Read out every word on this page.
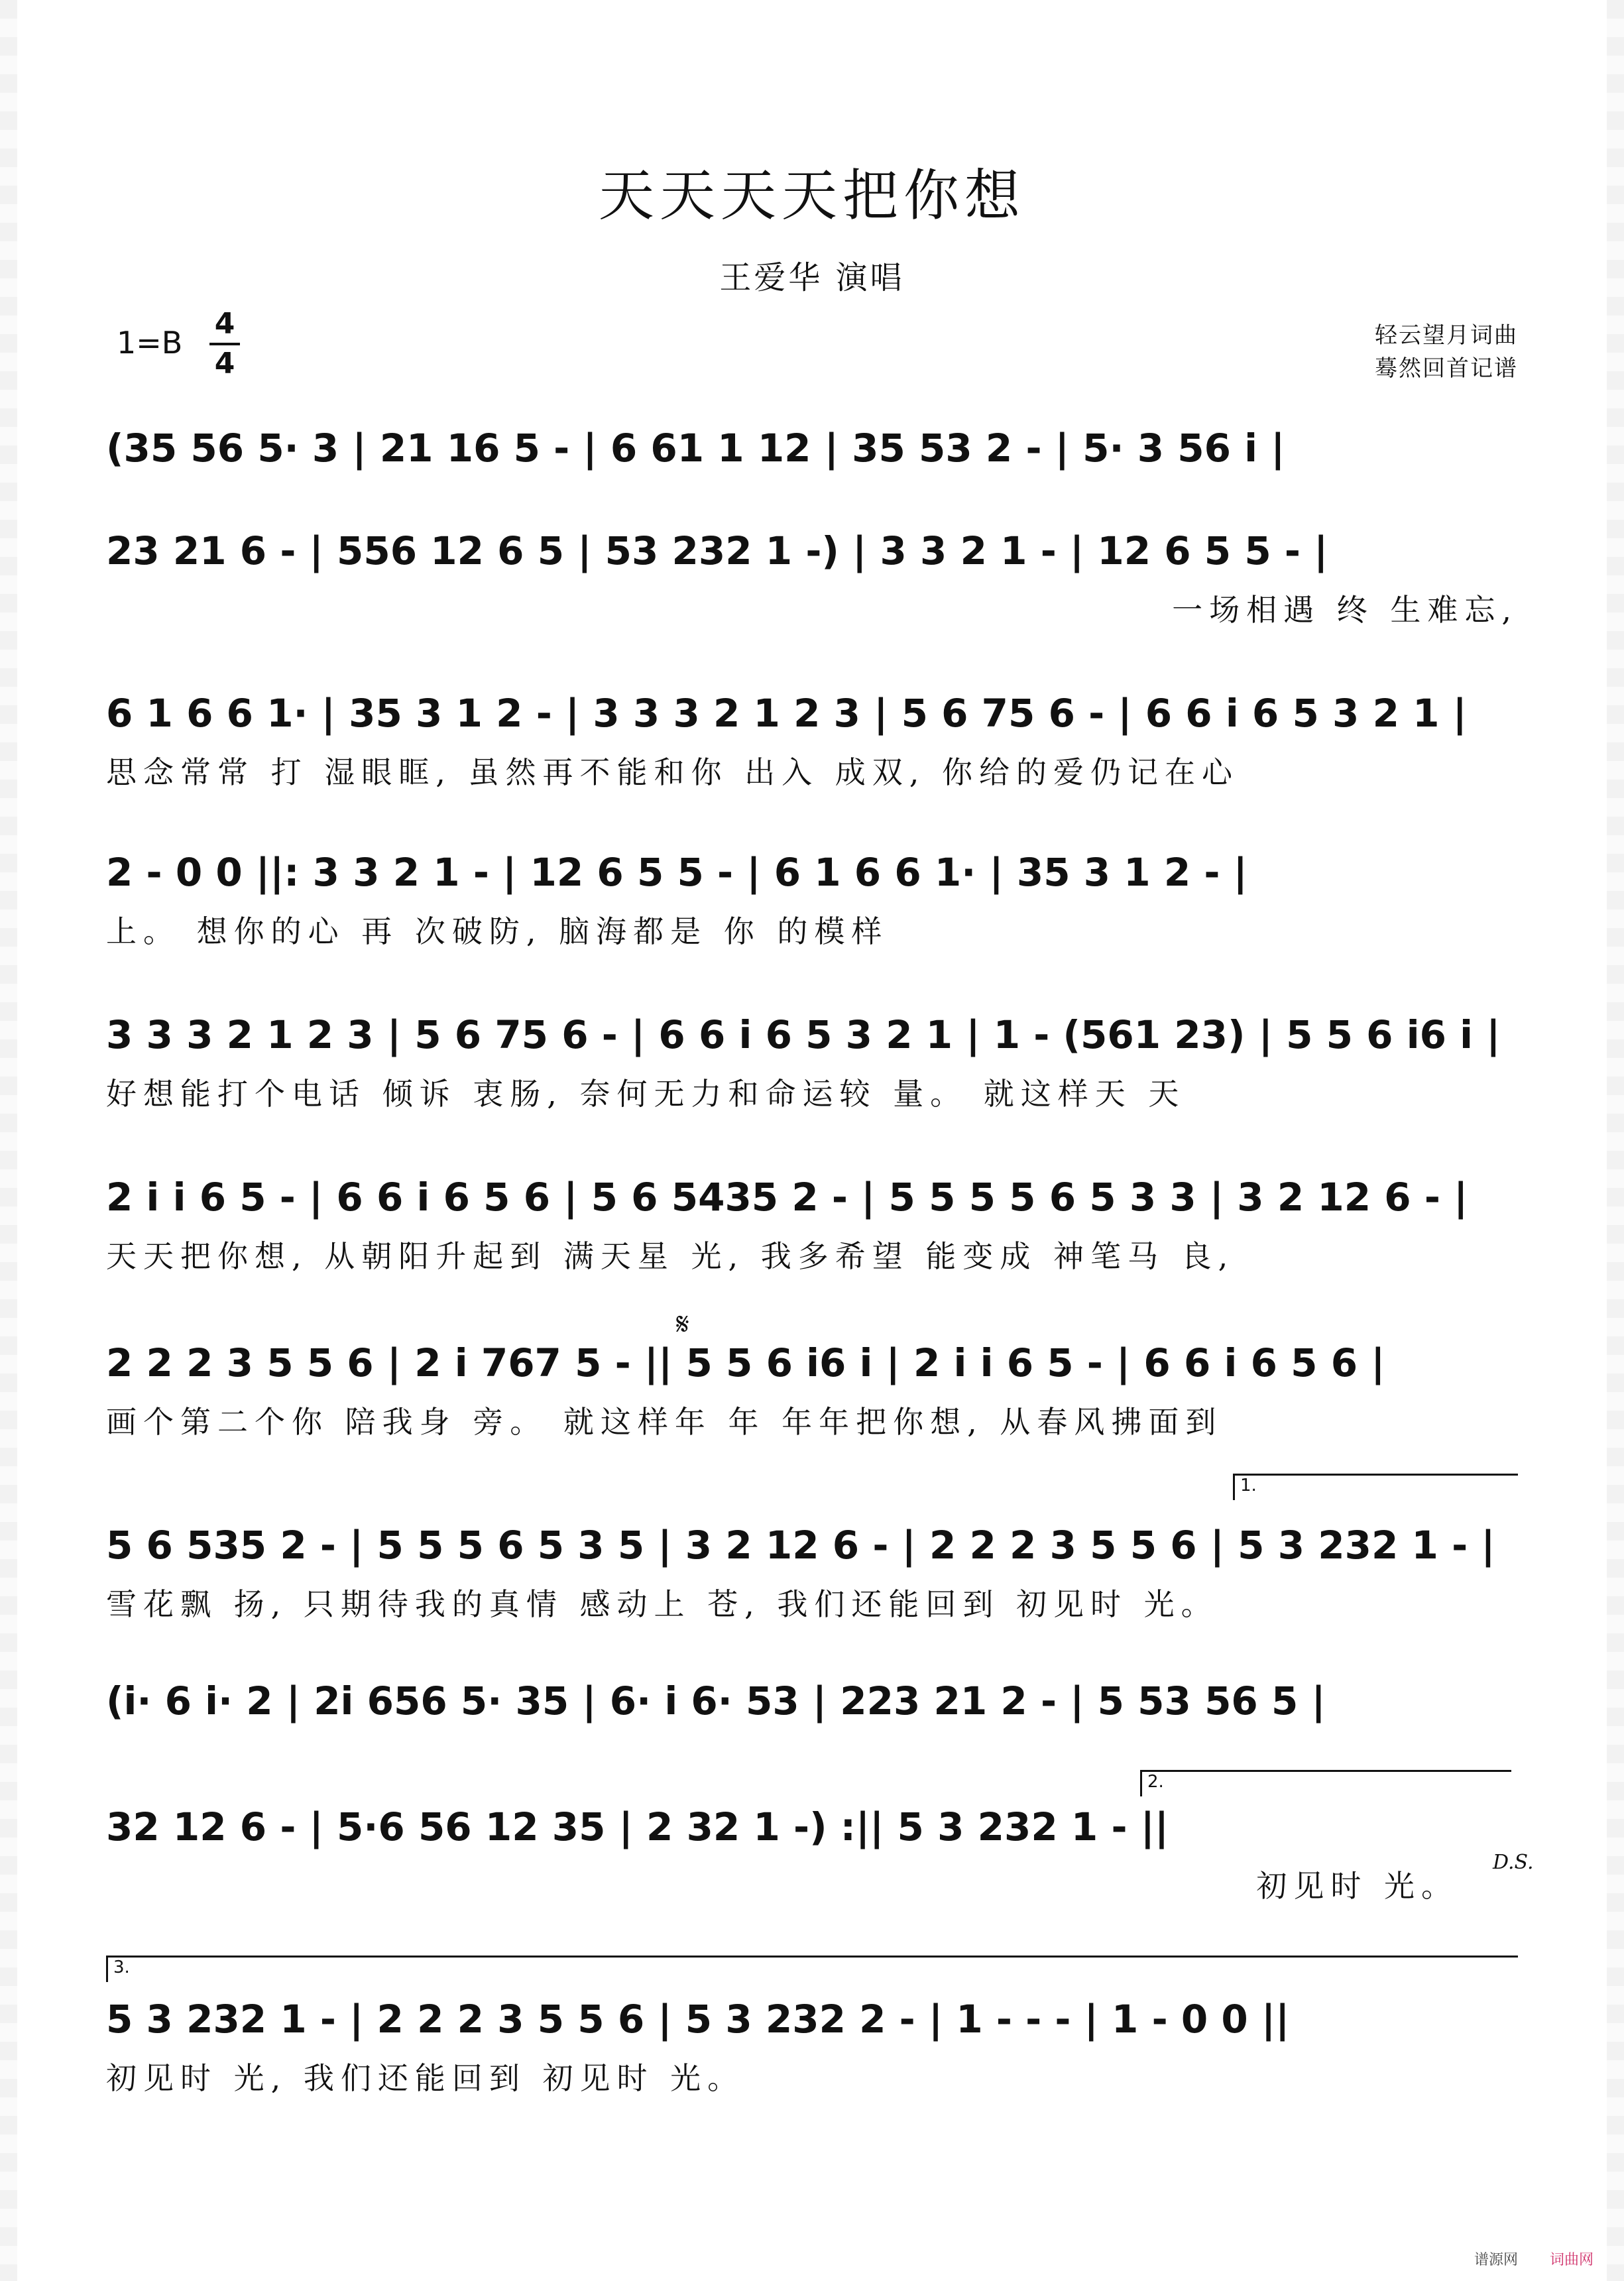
天天天天把你想
王爱华 演唱
1=B
4
4
轻云望月词曲
蓦然回首记谱
(35 56 5· 3 | 21 16 5 - | 6 61 1 12 | 35 53 2 - | 5· 3 56 i |
23 21 6 - | 556 12 6 5 | 53 232 1 -) | 3 3 2 1 - | 12 6 5 5 - |
一场相遇 终 生难忘,
6 1 6 6 1· | 35 3 1 2 - | 3 3 3 2 1 2 3 | 5 6 75 6 - | 6 6 i 6 5 3 2 1 |
思念常常 打 湿眼眶, 虽然再不能和你 出入 成双, 你给的爱仍记在心
2 - 0 0 ||: 3 3 2 1 - | 12 6 5 5 - | 6 1 6 6 1· | 35 3 1 2 - |
上。 想你的心 再 次破防, 脑海都是 你 的模样
3 3 3 2 1 2 3 | 5 6 75 6 - | 6 6 i 6 5 3 2 1 | 1 - (561 23) | 5 5 6 i6 i |
好想能打个电话 倾诉 衷肠, 奈何无力和命运较 量。 就这样天 天
2 i i 6 5 - | 6 6 i 6 5 6 | 5 6 5435 2 - | 5 5 5 5 6 5 3 3 | 3 2 12 6 - |
天天把你想, 从朝阳升起到 满天星 光, 我多希望 能变成 神笔马 良,
𝄋
2 2 2 3 5 5 6 | 2 i 767 5 - || 5 5 6 i6 i | 2 i i 6 5 - | 6 6 i 6 5 6 |
画个第二个你 陪我身 旁。 就这样年 年 年年把你想, 从春风拂面到
1.
5 6 535 2 - | 5 5 5 6 5 3 5 | 3 2 12 6 - | 2 2 2 3 5 5 6 | 5 3 232 1 - |
雪花飘 扬, 只期待我的真情 感动上 苍, 我们还能回到 初见时 光。
(i· 6 i· 2 | 2i 656 5· 35 | 6· i 6· 53 | 223 21 2 - | 5 53 56 5 |
2.
32 12 6 - | 5·6 56 12 35 | 2 32 1 -) :|| 5 3 232 1 - ||
初见时 光。
D.S.
3.
5 3 232 1 - | 2 2 2 3 5 5 6 | 5 3 232 2 - | 1 - - - | 1 - 0 0 ||
初见时 光, 我们还能回到 初见时 光。
谱源网 词曲网
